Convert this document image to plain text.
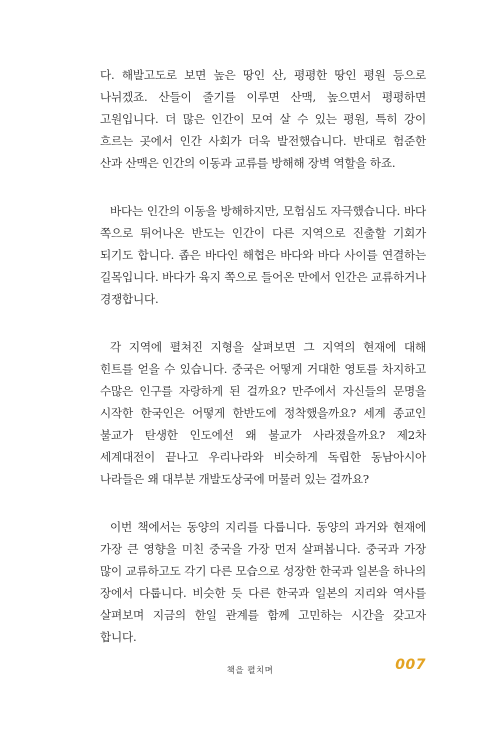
다. 해발고도로 보면 높은 땅인 산, 평평한 땅인 평원 등으로 나뉘겠죠. 산들이 줄기를 이루면 산맥, 높으면서 평평하면 고원입니다. 더 많은 인간이 모여 살 수 있는 평원, 특히 강이 흐르는 곳에서 인간 사회가 더욱 발전했습니다. 반대로 험준한 산과 산맥은 인간의 이동과 교류를 방해해 장벽 역할을 하죠.

바다는 인간의 이동을 방해하지만, 모험심도 자극했습니다. 바다 쪽으로 튀어나온 반도는 인간이 다른 지역으로 진출할 기회가 되기도 합니다. 좁은 바다인 해협은 바다와 바다 사이를 연결하는 길목입니다. 바다가 육지 쪽으로 들어온 만에서 인간은 교류하거나 경쟁합니다.

각 지역에 펼쳐진 지형을 살펴보면 그 지역의 현재에 대해 힌트를 얻을 수 있습니다. 중국은 어떻게 거대한 영토를 차지하고 수많은 인구를 자랑하게 된 걸까요? 만주에서 자신들의 문명을 시작한 한국인은 어떻게 한반도에 정착했을까요? 세계 종교인 불교가 탄생한 인도에선 왜 불교가 사라졌을까요? 제2차 세계대전이 끝나고 우리나라와 비슷하게 독립한 동남아시아 나라들은 왜 대부분 개발도상국에 머물러 있는 걸까요?

이번 책에서는 동양의 지리를 다룹니다. 동양의 과거와 현재에 가장 큰 영향을 미친 중국을 가장 먼저 살펴봅니다. 중국과 가장 많이 교류하고도 각기 다른 모습으로 성장한 한국과 일본을 하나의 장에서 다룹니다. 비슷한 듯 다른 한국과 일본의 지리와 역사를 살펴보며 지금의 한일 관계를 함께 고민하는 시간을 갖고자 합니다.

책을 펼치며	007
